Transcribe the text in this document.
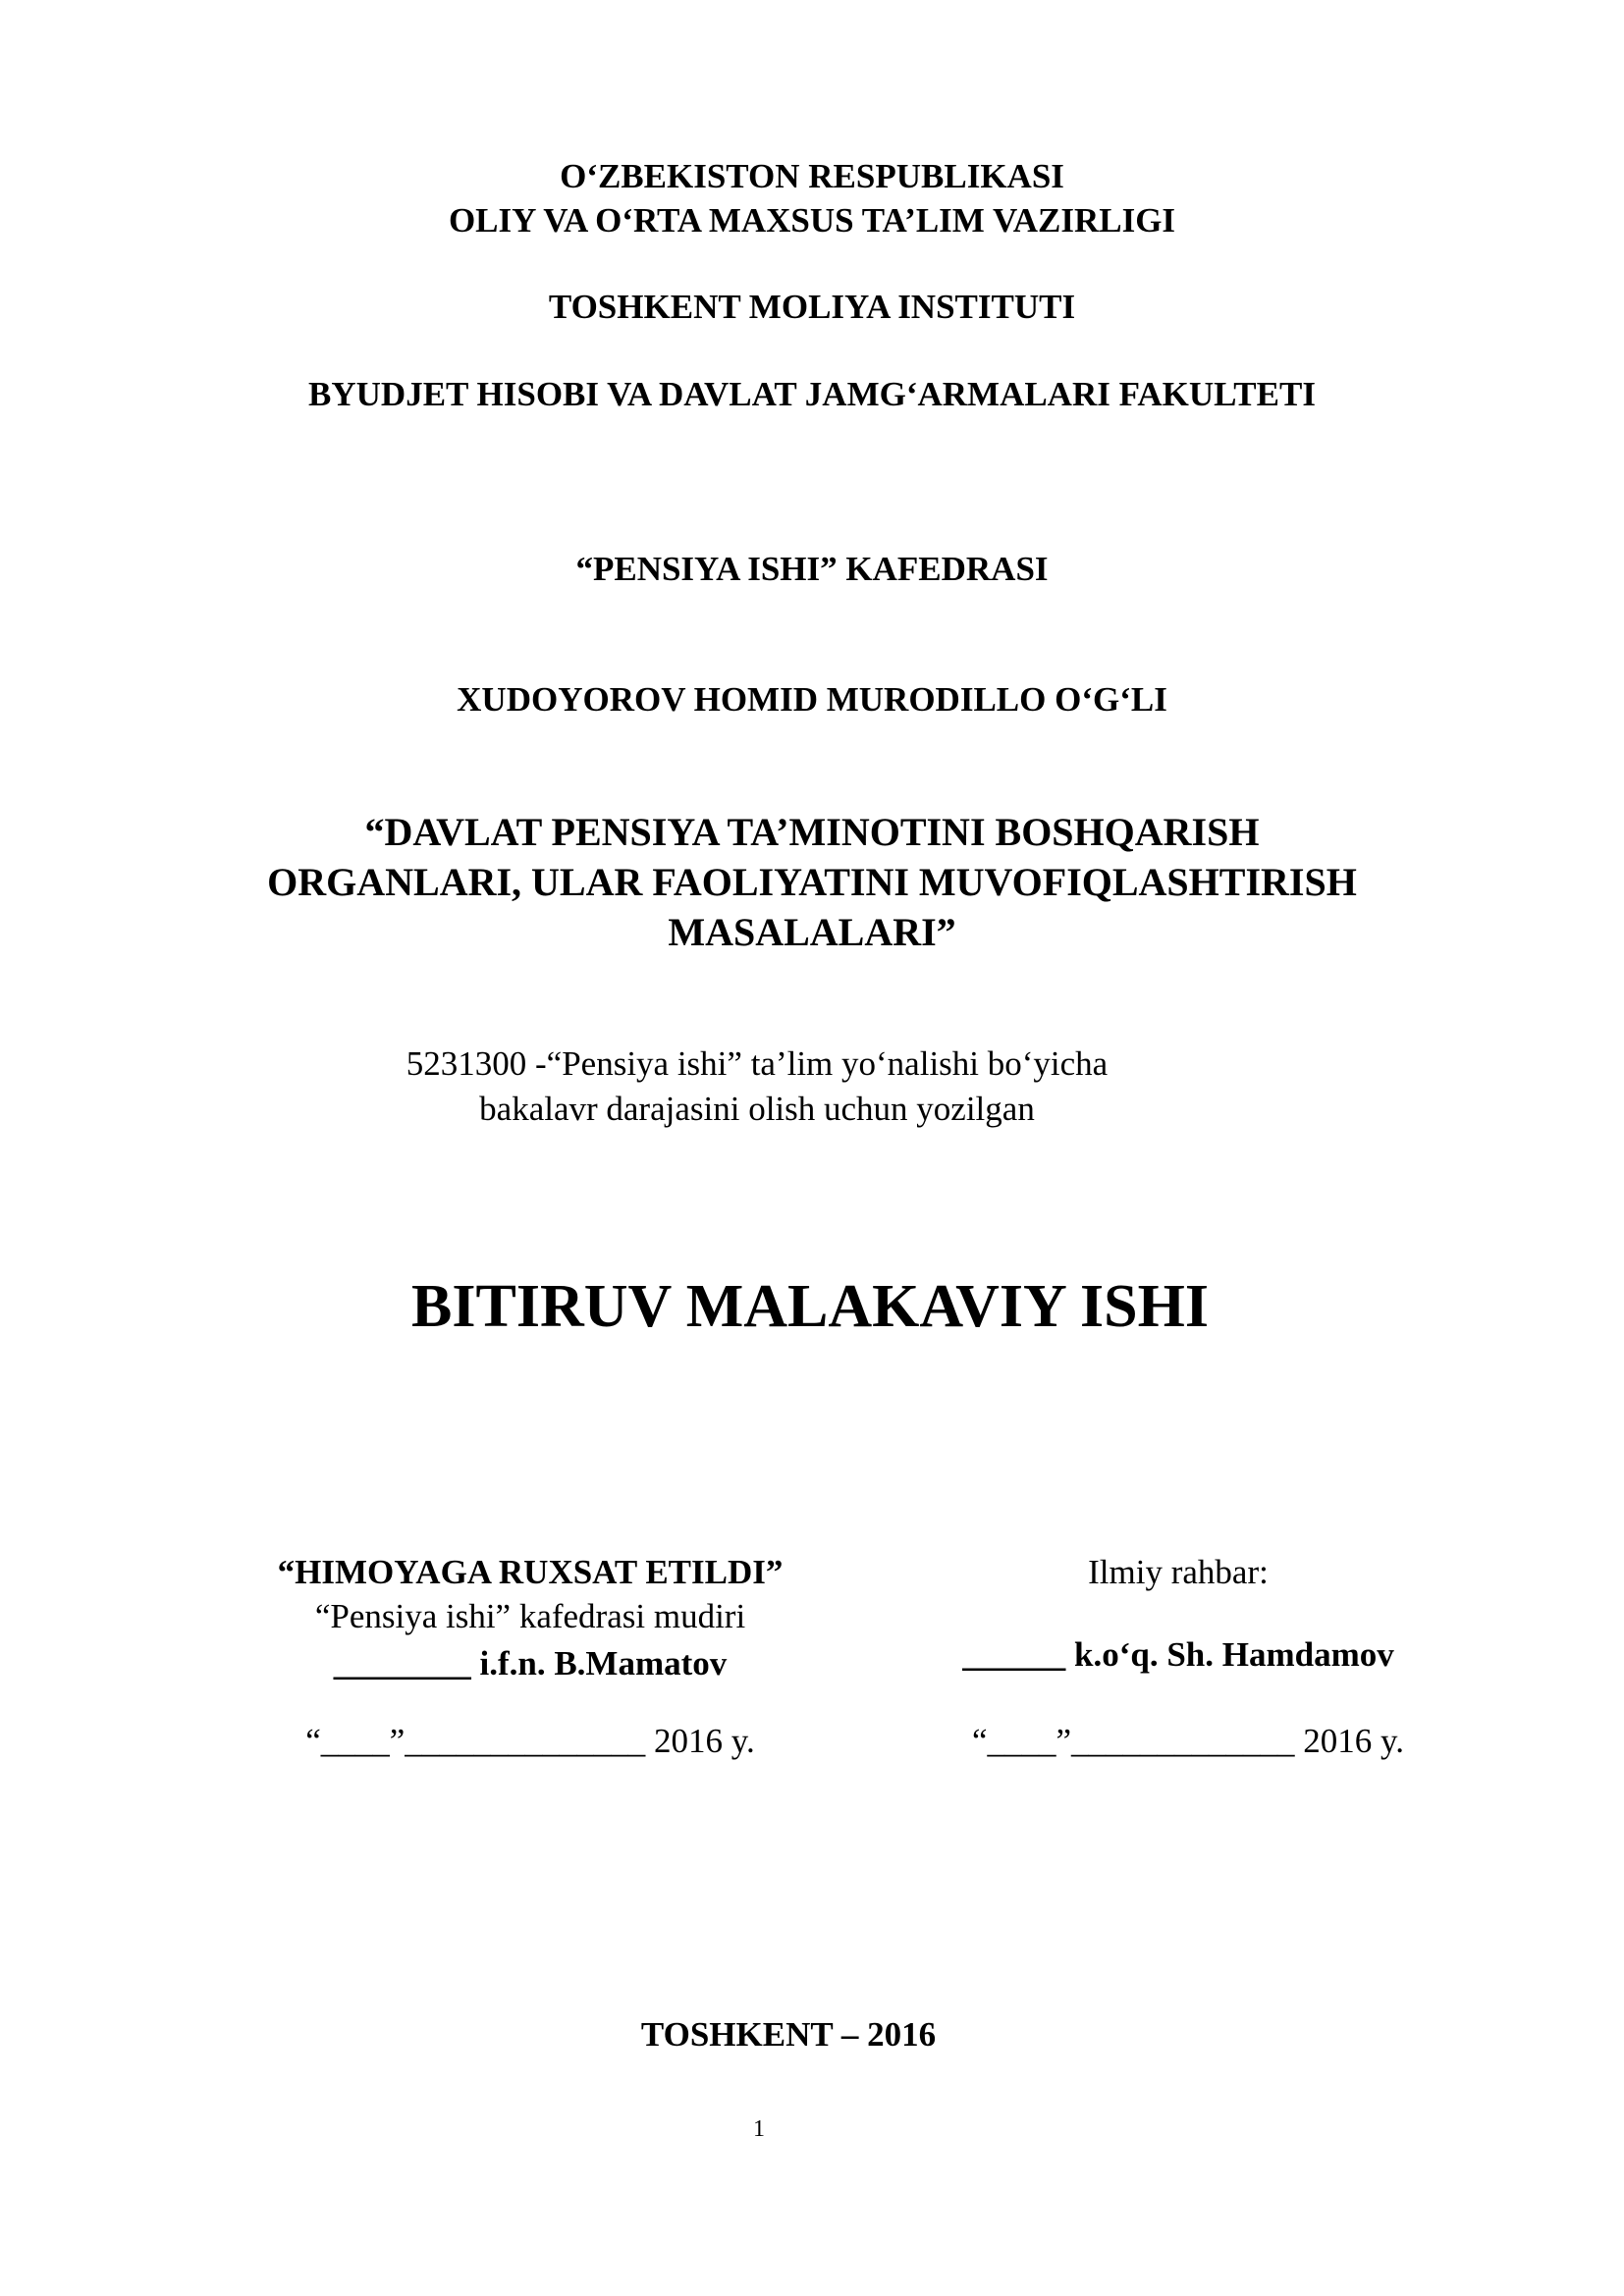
O‘ZBEKISTON RESPUBLIKASI
OLIY VA O‘RTA MAXSUS TA’LIM VAZIRLIGI
TOSHKENT MOLIYA INSTITUTI
BYUDJET HISOBI VA DAVLAT JAMG‘ARMALARI FAKULTETI
“PENSIYA ISHI” KAFEDRASI
XUDOYOROV HOMID MURODILLO O‘G‘LI
“DAVLAT PENSIYA TA’MINOTINI BOSHQARISH
ORGANLARI, ULAR FAOLIYATINI MUVOFIQLASHTIRISH
MASALALARI”
5231300 -“Pensiya ishi” ta’lim yo‘nalishi bo‘yicha
bakalavr darajasini olish uchun yozilgan
BITIRUV MALAKAVIY ISHI
“HIMOYAGA RUXSAT ETILDI”
“Pensiya ishi” kafedrasi mudiri
________ i.f.n. B.Mamatov
“____”______________ 2016 y.
Ilmiy rahbar:
______ k.o‘q. Sh. Hamdamov
“____”_____________ 2016 y.
TOSHKENT – 2016
1
